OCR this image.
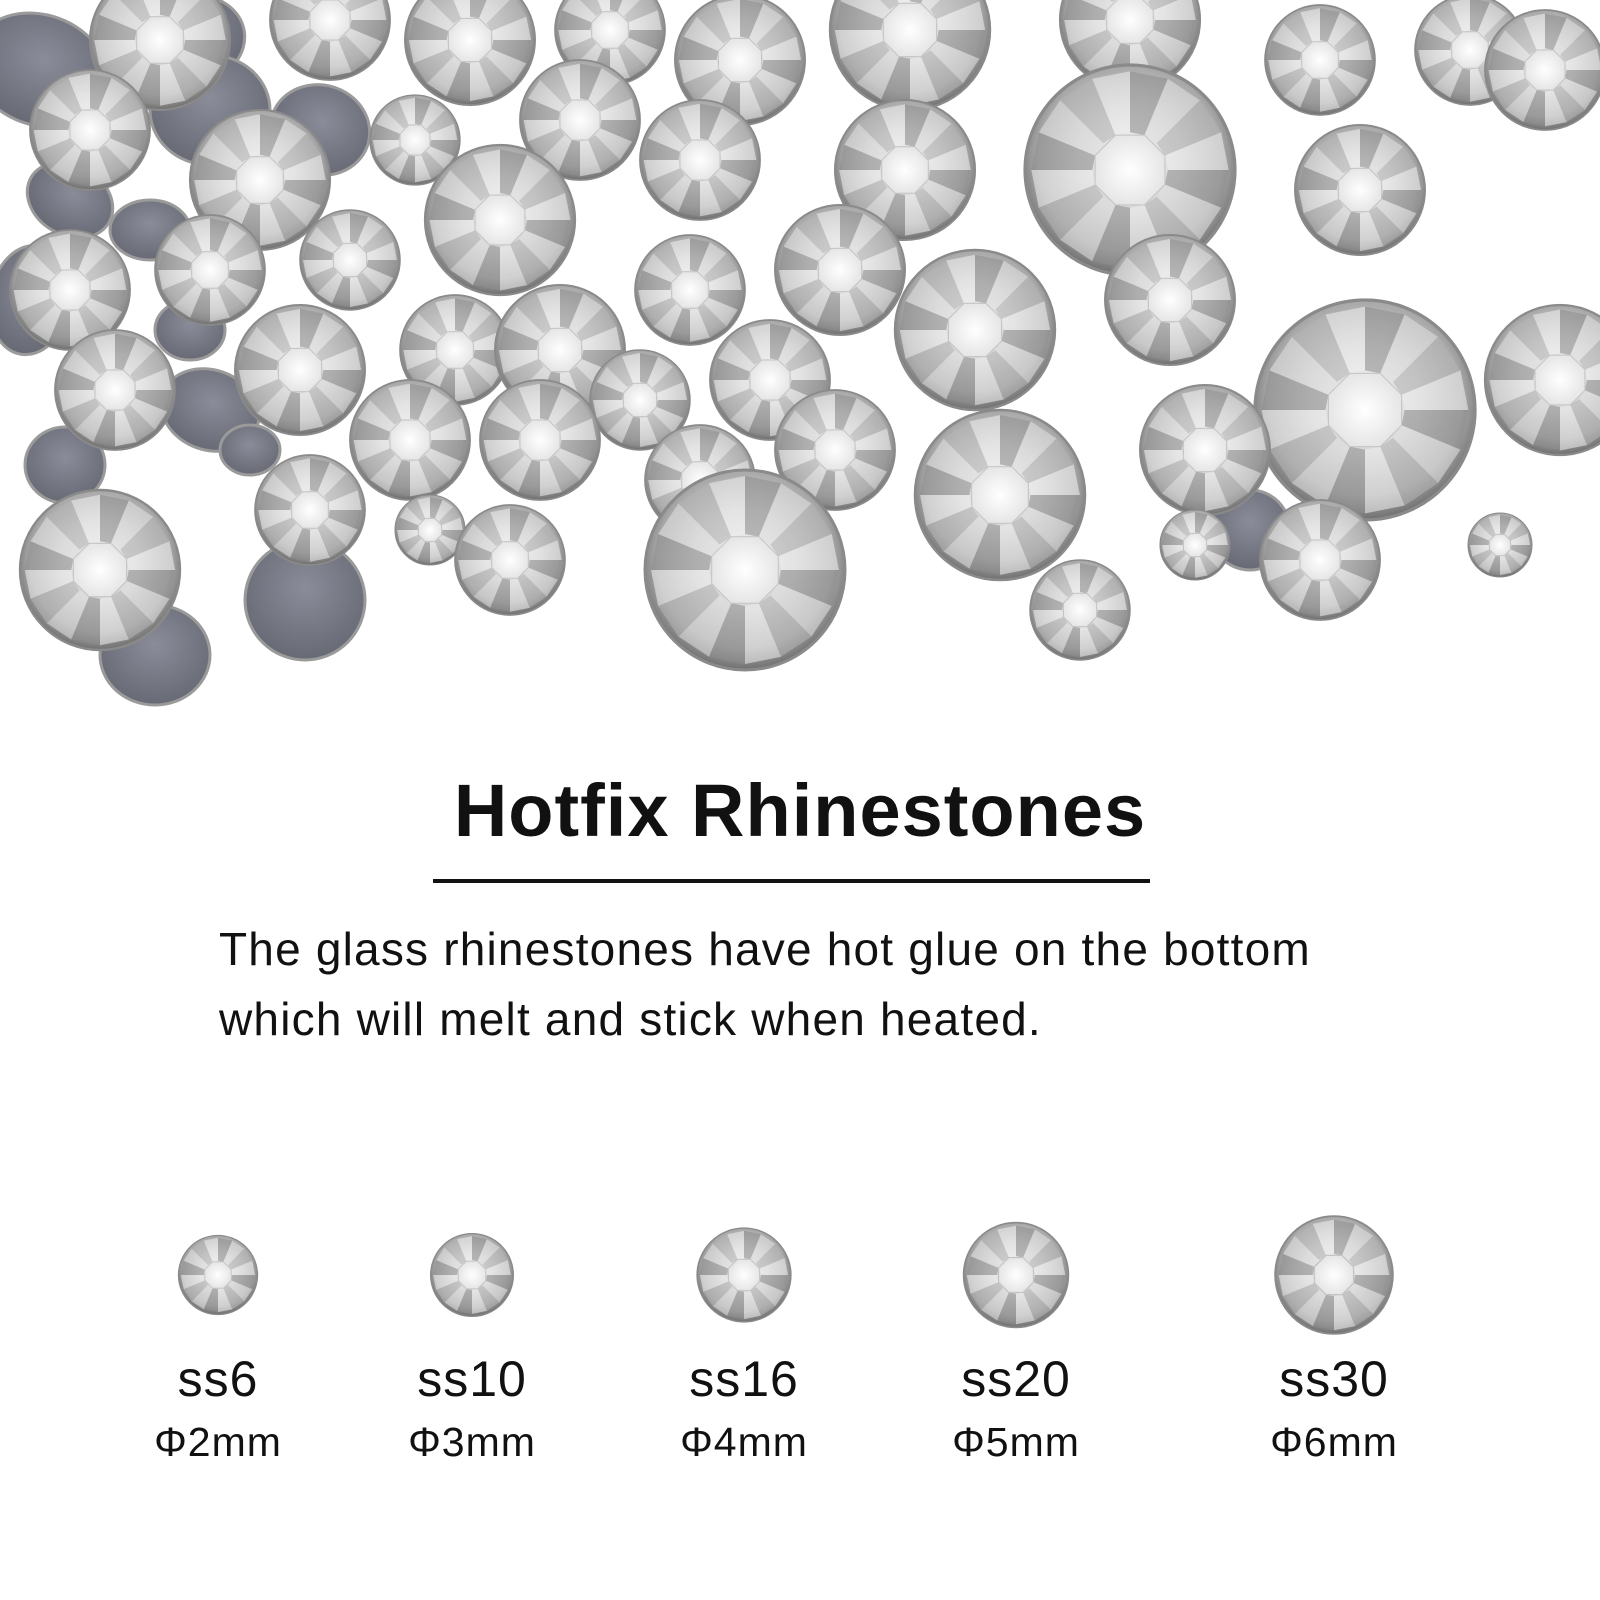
Hotfix Rhinestones

The glass rhinestones have hot glue on the bottom
which will melt and stick when heated.

ss6
Φ2mm
ss10
Φ3mm
ss16
Φ4mm
ss20
Φ5mm
ss30
Φ6mm
